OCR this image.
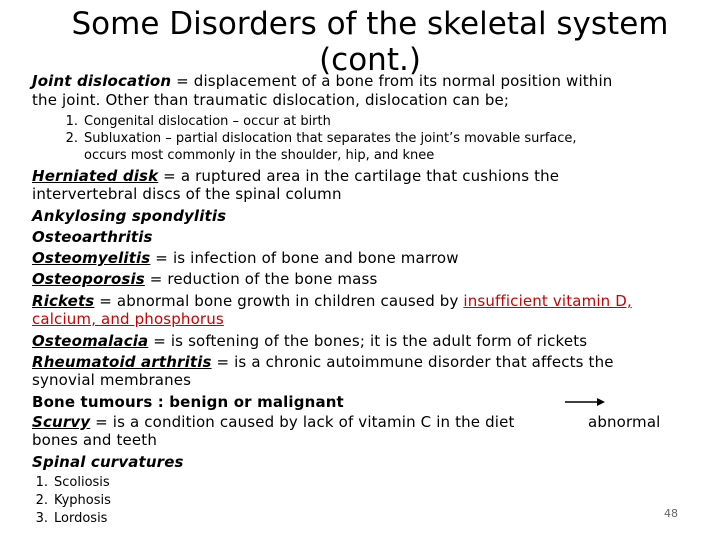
Some Disorders of the skeletal system
(cont.)
Joint dislocation = displacement of a bone from its normal position within
the joint. Other than traumatic dislocation, dislocation can be;
1. Congenital dislocation – occur at birth
2. Subluxation – partial dislocation that separates the joint’s movable surface,
occurs most commonly in the shoulder, hip, and knee
Herniated disk = a ruptured area in the cartilage that cushions the
intervertebral discs of the spinal column
Ankylosing spondylitis
Osteoarthritis
Osteomyelitis = is infection of bone and bone marrow
Osteoporosis = reduction of the bone mass
Rickets = abnormal bone growth in children caused by insufficient vitamin D,
calcium, and phosphorus
Osteomalacia = is softening of the bones; it is the adult form of rickets
Rheumatoid arthritis = is a chronic autoimmune disorder that affects the
synovial membranes
Bone tumours : benign or malignant
Scurvy = is a condition caused by lack of vitamin C in the diet	abnormal
bones and teeth
Spinal curvatures
1. Scoliosis
2. Kyphosis
3. Lordosis	48
